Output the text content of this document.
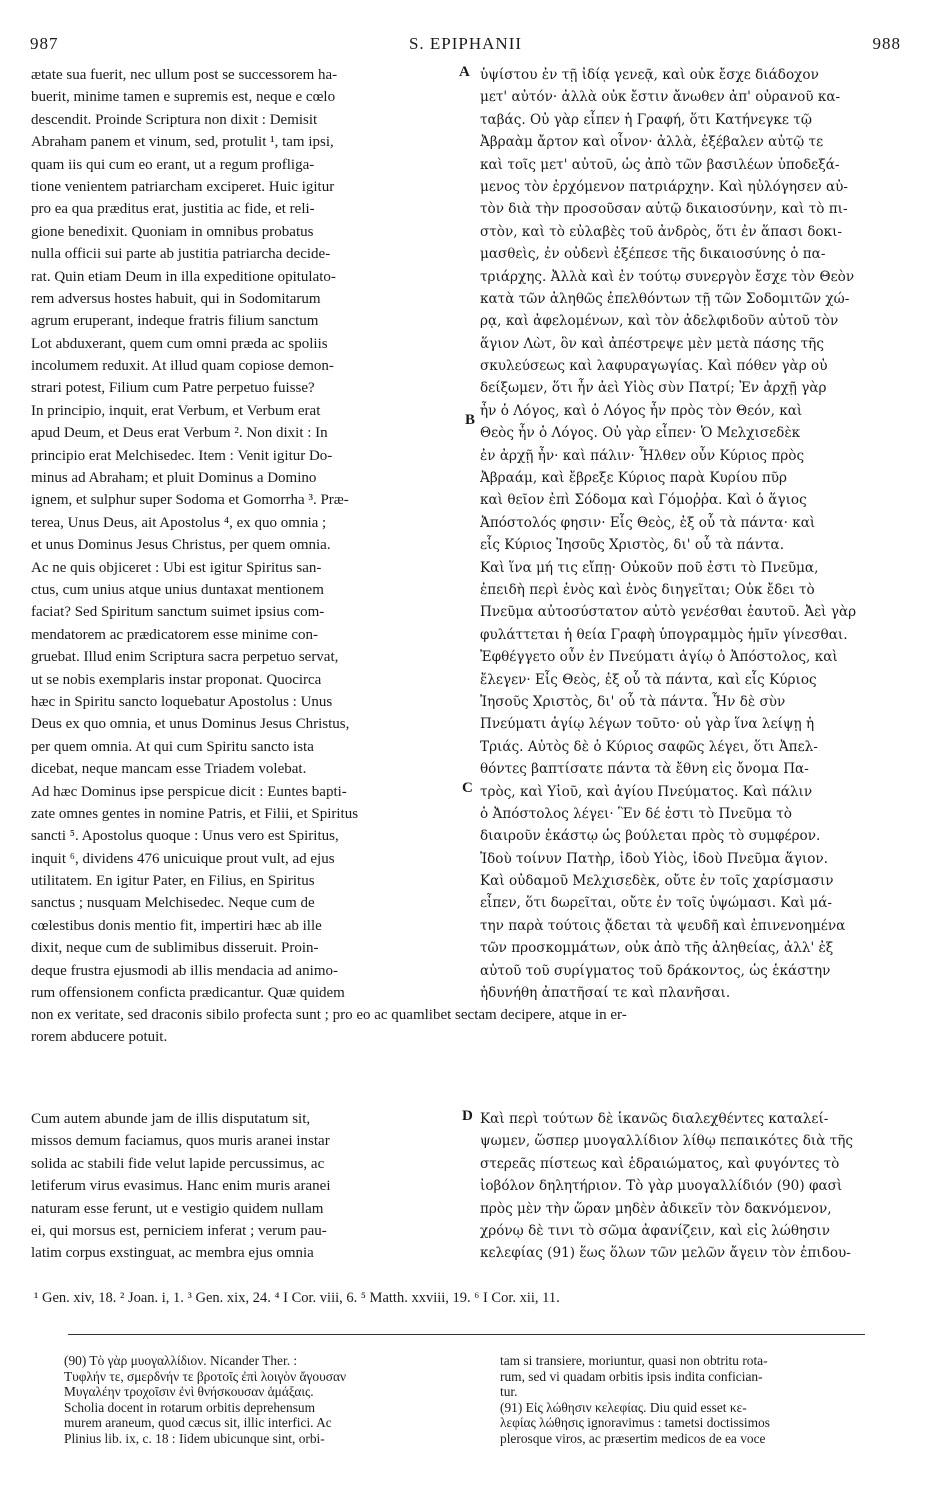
987	S. EPIPHANII	988
A
B
C
D
ætate sua fuerit, nec ullum post se successorem ha-
buerit, minime tamen e supremis est, neque e cœlo
descendit. Proinde Scriptura non dixit : Demisit
Abraham panem et vinum, sed, protulit ¹, tam ipsi,
quam iis qui cum eo erant, ut a regum profliga-
tione venientem patriarcham exciperet. Huic igitur
pro ea qua præditus erat, justitia ac fide, et reli-
gione benedixit. Quoniam in omnibus probatus
nulla officii sui parte ab justitia patriarcha decide-
rat. Quin etiam Deum in illa expeditione opitulato-
rem adversus hostes habuit, qui in Sodomitarum
agrum eruperant, indeque fratris filium sanctum
Lot abduxerant, quem cum omni præda ac spoliis
incolumem reduxit. At illud quam copiose demon-
strari potest, Filium cum Patre perpetuo fuisse?
In principio, inquit, erat Verbum, et Verbum erat
apud Deum, et Deus erat Verbum ². Non dixit : In
principio erat Melchisedec. Item : Venit igitur Do-
minus ad Abraham; et pluit Dominus a Domino
ignem, et sulphur super Sodoma et Gomorrha ³. Præ-
terea, Unus Deus, ait Apostolus ⁴, ex quo omnia ;
et unus Dominus Jesus Christus, per quem omnia.
Ac ne quis objiceret : Ubi est igitur Spiritus san-
ctus, cum unius atque unius duntaxat mentionem
faciat? Sed Spiritum sanctum suimet ipsius com-
mendatorem ac prædicatorem esse minime con-
gruebat. Illud enim Scriptura sacra perpetuo servat,
ut se nobis exemplaris instar proponat. Quocirca
hæc in Spiritu sancto loquebatur Apostolus : Unus
Deus ex quo omnia, et unus Dominus Jesus Christus,
per quem omnia. At qui cum Spiritu sancto ista
dicebat, neque mancam esse Triadem volebat.
Ad hæc Dominus ipse perspicue dicit : Euntes bapti-
zate omnes gentes in nomine Patris, et Filii, et Spiritus
sancti ⁵. Apostolus quoque : Unus vero est Spiritus,
inquit ⁶, dividens 476 unicuique prout vult, ad ejus
utilitatem. En igitur Pater, en Filius, en Spiritus
sanctus ; nusquam Melchisedec. Neque cum de
cœlestibus donis mentio fit, impertiri hæc ab ille
dixit, neque cum de sublimibus disseruit. Proin-
deque frustra ejusmodi ab illis mendacia ad animo-
rum offensionem conficta prædicantur. Quæ quidem
ὑψίστου ἐν τῇ ἰδίᾳ γενεᾷ, καὶ οὐκ ἔσχε διάδοχον
μετ' αὐτόν· ἀλλὰ οὐκ ἔστιν ἄνωθεν ἀπ' οὐρανοῦ κα-
ταβάς. Οὐ γὰρ εἶπεν ἡ Γραφή, ὅτι Κατήνεγκε τῷ
Ἀβραὰμ ἄρτον καὶ οἶνον· ἀλλὰ, ἐξέβαλεν αὐτῷ τε
καὶ τοῖς μετ' αὐτοῦ, ὡς ἀπὸ τῶν βασιλέων ὑποδεξά-
μενος τὸν ἐρχόμενον πατριάρχην. Καὶ ηὐλόγησεν αὐ-
τὸν διὰ τὴν προσοῦσαν αὐτῷ δικαιοσύνην, καὶ τὸ πι-
στὸν, καὶ τὸ εὐλαβὲς τοῦ ἀνδρὸς, ὅτι ἐν ἅπασι δοκι-
μασθεὶς, ἐν οὐδενὶ ἐξέπεσε τῆς δικαιοσύνης ὁ πα-
τριάρχης. Ἀλλὰ καὶ ἐν τούτῳ συνεργὸν ἔσχε τὸν Θεὸν
κατὰ τῶν ἀληθῶς ἐπελθόντων τῇ τῶν Σοδομιτῶν χώ-
ρᾳ, καὶ ἀφελομένων, καὶ τὸν ἀδελφιδοῦν αὐτοῦ τὸν
ἅγιον Λὼτ, ὃν καὶ ἀπέστρεψε μὲν μετὰ πάσης τῆς
σκυλεύσεως καὶ λαφυραγωγίας. Καὶ πόθεν γὰρ οὐ
δείξωμεν, ὅτι ἦν ἀεὶ Υἱὸς σὺν Πατρί; Ἐν ἀρχῇ γὰρ
ἦν ὁ Λόγος, καὶ ὁ Λόγος ἦν πρὸς τὸν Θεόν, καὶ
Θεὸς ἦν ὁ Λόγος. Οὐ γὰρ εἶπεν· Ὁ Μελχισεδὲκ
ἐν ἀρχῇ ἦν· καὶ πάλιν· Ἦλθεν οὖν Κύριος πρὸς
Ἀβραάμ, καὶ ἔβρεξε Κύριος παρὰ Κυρίου πῦρ
καὶ θεῖον ἐπὶ Σόδομα καὶ Γόμοῤῥα. Καὶ ὁ ἅγιος
Ἀπόστολός φησιν· Εἷς Θεὸς, ἐξ οὗ τὰ πάντα· καὶ
εἷς Κύριος Ἰησοῦς Χριστὸς, δι' οὗ τὰ πάντα.
Καὶ ἵνα μή τις εἴπῃ· Οὐκοῦν ποῦ ἐστι τὸ Πνεῦμα,
ἐπειδὴ περὶ ἑνὸς καὶ ἑνὸς διηγεῖται; Οὐκ ἔδει τὸ
Πνεῦμα αὐτοσύστατον αὐτὸ γενέσθαι ἑαυτοῦ. Ἀεὶ γὰρ
φυλάττεται ἡ θεία Γραφὴ ὑπογραμμὸς ἡμῖν γίνεσθαι.
Ἐφθέγγετο οὖν ἐν Πνεύματι ἁγίῳ ὁ Ἀπόστολος, καὶ
ἔλεγεν· Εἷς Θεὸς, ἐξ οὗ τὰ πάντα, καὶ εἷς Κύριος
Ἰησοῦς Χριστὸς, δι' οὗ τὰ πάντα. Ἦν δὲ σὺν
Πνεύματι ἁγίῳ λέγων τοῦτο· οὐ γὰρ ἵνα λείψῃ ἡ
Τριάς. Αὐτὸς δὲ ὁ Κύριος σαφῶς λέγει, ὅτι Ἀπελ-
θόντες βαπτίσατε πάντα τὰ ἔθνη εἰς ὄνομα Πα-
τρὸς, καὶ Υἱοῦ, καὶ ἁγίου Πνεύματος. Καὶ πάλιν
ὁ Ἀπόστολος λέγει· Ἓν δέ ἐστι τὸ Πνεῦμα τὸ
διαιροῦν ἑκάστῳ ὡς βούλεται πρὸς τὸ συμφέρον.
Ἰδοὺ τοίνυν Πατὴρ, ἰδοὺ Υἱὸς, ἰδοὺ Πνεῦμα ἅγιον.
Καὶ οὐδαμοῦ Μελχισεδὲκ, οὔτε ἐν τοῖς χαρίσμασιν
εἶπεν, ὅτι δωρεῖται, οὔτε ἐν τοῖς ὑψώμασι. Καὶ μά-
την παρὰ τούτοις ᾄδεται τὰ ψευδῆ καὶ ἐπινενοημένα
τῶν προσκομμάτων, οὐκ ἀπὸ τῆς ἀληθείας, ἀλλ' ἐξ
αὐτοῦ τοῦ συρίγματος τοῦ δράκοντος, ὡς ἑκάστην
ἠδυνήθη ἀπατῆσαί τε καὶ πλανῆσαι.
non ex veritate, sed draconis sibilo profecta sunt ; pro eo ac quamlibet sectam decipere, atque in er-
rorem abducere potuit.
Cum autem abunde jam de illis disputatum sit,
missos demum faciamus, quos muris aranei instar
solida ac stabili fide velut lapide percussimus, ac
letiferum virus evasimus. Hanc enim muris aranei
naturam esse ferunt, ut e vestigio quidem nullam
ei, qui morsus est, perniciem inferat ; verum pau-
latim corpus exstinguat, ac membra ejus omnia
Καὶ περὶ τούτων δὲ ἱκανῶς διαλεχθέντες καταλεί-
ψωμεν, ὥσπερ μυογαλλίδιον λίθῳ πεπαικότες διὰ τῆς
στερεᾶς πίστεως καὶ ἑδραιώματος, καὶ φυγόντες τὸ
ἰοβόλον δηλητήριον. Τὸ γὰρ μυογαλλίδιόν (90) φασὶ
πρὸς μὲν τὴν ὥραν μηδὲν ἀδικεῖν τὸν δακνόμενον,
χρόνῳ δὲ τινι τὸ σῶμα ἀφανίζειν, καὶ εἰς λώθησιν
κελεφίας (91) ἕως ὅλων τῶν μελῶν ἄγειν τὸν ἐπιδου-
¹ Gen. xiv, 18. ² Joan. i, 1. ³ Gen. xix, 24. ⁴ I Cor. viii, 6. ⁵ Matth. xxviii, 19. ⁶ I Cor. xii, 11.
(90) Τὸ γὰρ μυογαλλίδιον. Nicander Ther. :
Τυφλήν τε, σμερδνήν τε βροτοῖς ἐπὶ λοιγὸν ἄγουσαν
Μυγαλέην τροχοῖσιν ἐνὶ θνήσκουσαν ἁμάξαις.
Scholia docent in rotarum orbitis deprehensum
murem araneum, quod cæcus sit, illic interfici. Ac
Plinius lib. ix, c. 18 : Iidem ubicunque sint, orbi-
tam si transiere, moriuntur, quasi non obtritu rota-
rum, sed vi quadam orbitis ipsis indita confician-
tur.
(91) Εἰς λώθησιν κελεφίας. Diu quid esset κε-
λεφίας λώθησις ignoravimus : tametsi doctissimos
plerosque viros, ac præsertim medicos de ea voce
